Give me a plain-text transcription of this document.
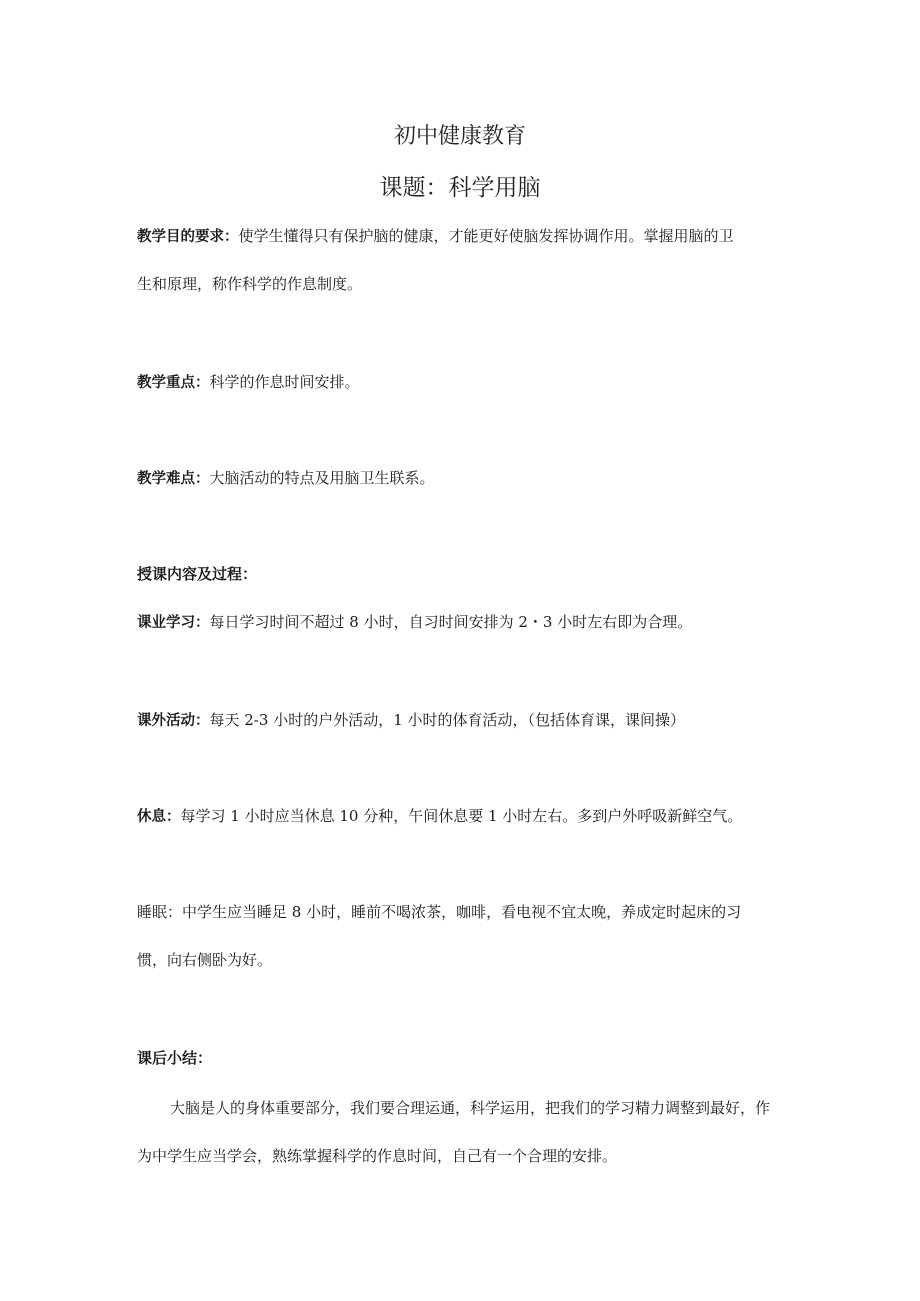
初中健康教育
课题：科学用脑
教学目的要求：使学生懂得只有保护脑的健康，才能更好使脑发挥协调作用。掌握用脑的卫
生和原理，称作科学的作息制度。
教学重点：科学的作息时间安排。
教学难点：大脑活动的特点及用脑卫生联系。
授课内容及过程：
课业学习：每日学习时间不超过 8 小时，自习时间安排为 2・3 小时左右即为合理。
课外活动：每天 2-3 小时的户外活动，1 小时的体育活动，（包括体育课，课间操）
休息：每学习 1 小时应当休息 10 分种，午间休息要 1 小时左右。多到户外呼吸新鲜空气。
睡眠：中学生应当睡足 8 小时，睡前不喝浓茶，咖啡，看电视不宜太晚，养成定时起床的习
惯，向右侧卧为好。
课后小结：
大脑是人的身体重要部分，我们要合理运通，科学运用，把我们的学习精力调整到最好，作
为中学生应当学会，熟练掌握科学的作息时间，自己有一个合理的安排。
